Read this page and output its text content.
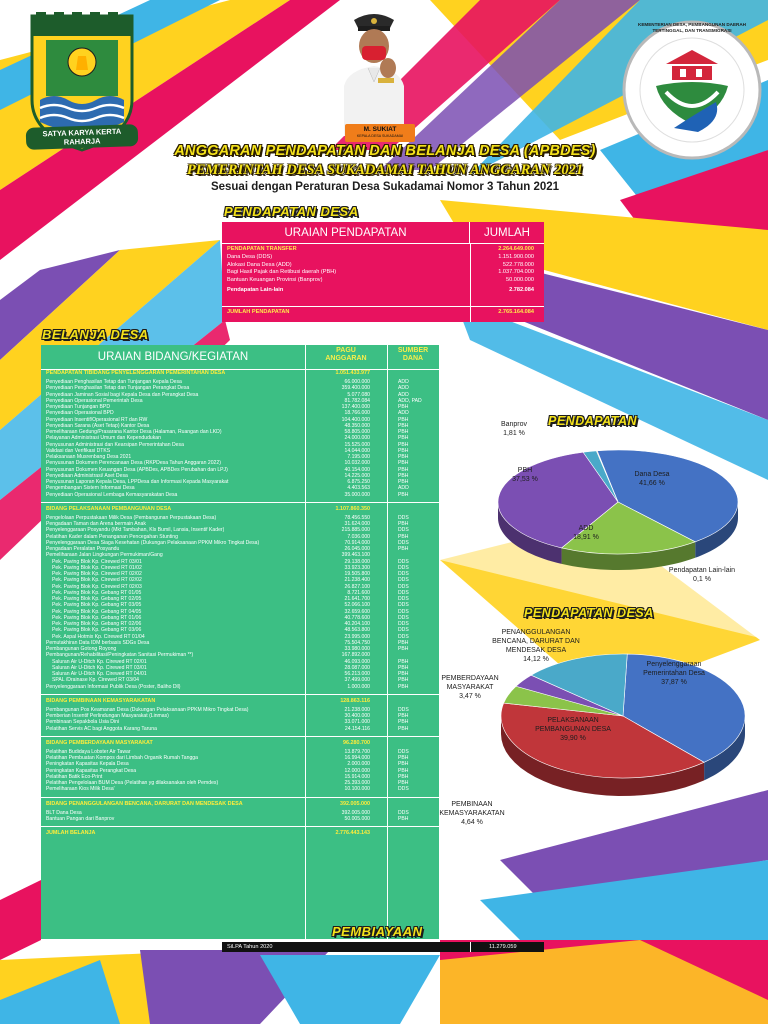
SATYA KARYA KERTA RAHARJA
KEMENTERIAN DESA, PEMBANGUNAN DAERAH TERTINGGAL, DAN TRANSMIGRASI
M. SUKIAT
KEPALA DESA SUKADAMAI
ANGGARAN PENDAPATAN DAN BELANJA DESA (APBDES)
PEMERINTAH DESA SUKADAMAI TAHUN ANGGARAN 2021
Sesuai dengan Peraturan Desa Sukadamai Nomor 3 Tahun 2021
PENDAPATAN DESA
URAIAN PENDAPATAN	JUMLAH
PENDAPATAN TRANSFER	2.264.649.000
Dana Desa (DDS)	1.151.900.000
Alokasi Dana Desa (ADD)	522.778.000
Bagi Hasil Pajak dan Retibusi daerah (PBH)	1.037.704.000
Bantuan Keuangan Provinsi (Banprov)	50.000.000
Pendapatan Lain-lain	2.782.084
JUMLAH PENDAPATAN	2.765.164.084
BELANJA DESA
URAIAN BIDANG/KEGIATAN
PAGU
ANGGARAN
SUMBER
DANA
PENDAPATAN TIBIDANG PENYELENGGARAN PEMERINTAHAN DESA	1.051.433.977
Penyediaan Penghasilan Tetap dan Tunjangan Kepala Desa	66.000.000	ADD
Penyediaan Penghasilan Tetap dan Tunjangan Perangkat Desa	359.400.000	ADD
Penyediaan Jaminan Sosial bagi Kepala Desa dan Perangkat Desa	5.077.080	ADD
Penyediaan Operasional Pemerintah Desa	81.782.084	ADD, PAD
Penyediaan Tunjangan BPD	137.400.000	PBH
Penyediaan Operasional BPD	18.766.000	ADD
Penyediaan Insentif/Operasional RT dan RW	104.400.000	PBH
Penyediaan Sarana (Aset Tetap) Kantor Desa	48.350.000	PBH
Pemeliharaan Gedung/Prasarana Kantor Desa (Halaman, Ruangan dan LKD)	58.805.000	PBH
Pelayanan Administrasi Umum dan Kependudukan	24.000.000	PBH
Penyusunan Administrasi dan Kearsipan Pemerintahan Desa	15.525.000	PBH
Validasi dan Verifikasi DTKS	14.044.000	PBH
Pelaksanaan Musrenbang Desa 2021	7.195.000	PBH
Penyusunan Dokumen Perencanaan Desa (RKPDesa Tahun Anggaran 2022)	10.032.000	PBH
Penyusunan Dokumen Keuangan Desa (APBDes, APBDes Perubahan dan LPJ)	40.154.000	PBH
Penyediaan Administrasi/ Aset Desa	14.225.000	PBH
Penyusunan Laporan Kepala Desa, LPPDesa dan Informasi Kepada Masyarakat	6.875.250	PBH
Pengembangan Sistem Informasi Desa	4.403.563	ADD
Penyediaan Operasional Lembaga Kemasyarakatan Desa	35.000.000	PBH
BIDANG PELAKSANAAN PEMBANGUNAN DESA	1.107.860.350
Pengelolaan Perpustakaan Milik Desa (Pembangunan Perpustakaan Desa)	78.456.550	DDS
Pengadaan Taman dan Arena bermain Anak	31.624.000	PBH
Penyelenggaraan Posyandu (Mkt Tambahan, Kls Bumil, Lansia, Insentif Kader)	215.885.000	DDS
Pelatihan Kader dalam Penanganan Pencegahan Stunting	7.036.000	PBH
Penyelenggaraan Desa Siaga Kesehatan (Dukungan Pelaksanaan PPKM Mikro Tingkat Desa)	70.914.000	DDS
Pengadaan Peralatan Posyandu	26.045.000	PBH
Pemeliharaan Jalan Lingkungan Permukiman/Gang	399.463.100
Pek. Paving Blok Kp. Cirewed RT 03/01	29.138.000	DDS
Pek. Paving Blok Kp. Cirewed RT 01/02	33.923.300	DDS
Pek. Paving Blok Kp. Cirewed RT 02/02	19.505.800	DDS
Pek. Paving Blok Kp. Cirewed RT 02/02	21.238.400	DDS
Pek. Paving Blok Kp. Cirewed RT 02/03	26.827.100	DDS
Pek. Paving Blok Kp. Gebang RT 01/05	8.721.600	DDS
Pek. Paving Blok Kp. Gebang RT 02/05	21.641.700	DDS
Pek. Paving Blok Kp. Gebang RT 03/05	52.066.100	DDS
Pek. Paving Blok Kp. Gebang RT 04/05	32.659.600	DDS
Pek. Paving Blok Kp. Gebang RT 01/06	40.778.600	DDS
Pek. Paving Blok Kp. Gebang RT 02/06	40.204.100	DDS
Pek. Paving Blok Kp. Gebang RT 03/06	48.563.800	DDS
Pek. Aspal Hotmix Kp. Cirewed RT 01/04	23.995.000	DDS
Pemutakhiran Data IDM berbasis SDGs Desa	75.504.750	PBH
Pembangunan Gotong Royong	33.980.000	PBH
Pembangunan/Rehabilitasi/Peningkatan Sanitasi Permukiman **)	167.892.000
Saluran Air U-Ditch Kp. Cirewed RT 02/01	46.093.000	PBH
Saluran Air U-Ditch Kp. Cirewed RT 03/01	28.087.000	PBH
Saluran Air U-Ditch Kp. Cirewed RT 04/01	56.213.000	PBH
SPAL /Drainase Kp. Cirewed RT 03/04	37.499.000	PBH
Penyelenggaraan Informasi Publik Desa (Poster, Baliho Dll)	1.000.000	PBH
BIDANG PEMBINAAN KEMASYARAKATAN	128.863.116
Pembangunan Pos Keamanan Desa (Dukungan Pelaksanaan PPKM Mikro Tingkat Desa)	21.238.000	DDS
Pemberian Insentif Perlindungan Masyarakat (Linmas)	30.400.000	PBH
Pembinaan Sepakbola Usia Dini	33.071.000	PBH
Pelatihan Servis AC bagi Anggota Karang Taruna	24.154.116	PBH
BIDANG PEMBERDAYAAN MASYARAKAT	96.280.700
Pelatihan Budidaya Lobster Air Tawar	13.879.700	DDS
Pelatihan Pembuatan Kompos dari Limbah Organik Rumah Tangga	16.994.000	PBH
Peningkatan Kapasitas Kepala Desa	2.000.000	PBH
Peningkatan Kapasitas Perangkat Desa	12.000.000	PBH
Pelatihan Batik Eco-Print	15.914.000	PBH
Pelatihan Pengelolaan BUM Desa (Pelatihan yg dilaksanakan oleh Pemdes)	25.393.000	PBH
Pemeliharaan Kios Milik Desa'	10.100.000	DDS
BIDANG PENANGGULANGAN BENCANA, DARURAT DAN MENDESAK DESA	392.005.000
BLT Dana Desa	392.005.000	DDS
Bantuan Pangan dari Banprov	50.005.000	PBH
JUMLAH BELANJA	2.776.443.143
PEMBIAYAAN
SiLPA Tahun 2020	11.279.059
PENDAPATAN
PENDAPATAN DESA
Dana Desa
41,66 %
ADD
18,91 %
PBH
37,53 %
Banprov
1,81 %
Pendapatan Lain-lain
0,1 %
Penyelenggaraan Pemerintahan Desa
37,87 %
PELAKSANAAN PEMBANGUNAN DESA
39,90 %
PEMBINAAN KEMASYARAKATAN
4,64 %
PEMBERDAYAAN MASYARAKAT
3,47 %
PENANGGULANGAN BENCANA, DARURAT DAN MENDESAK DESA
14,12 %
